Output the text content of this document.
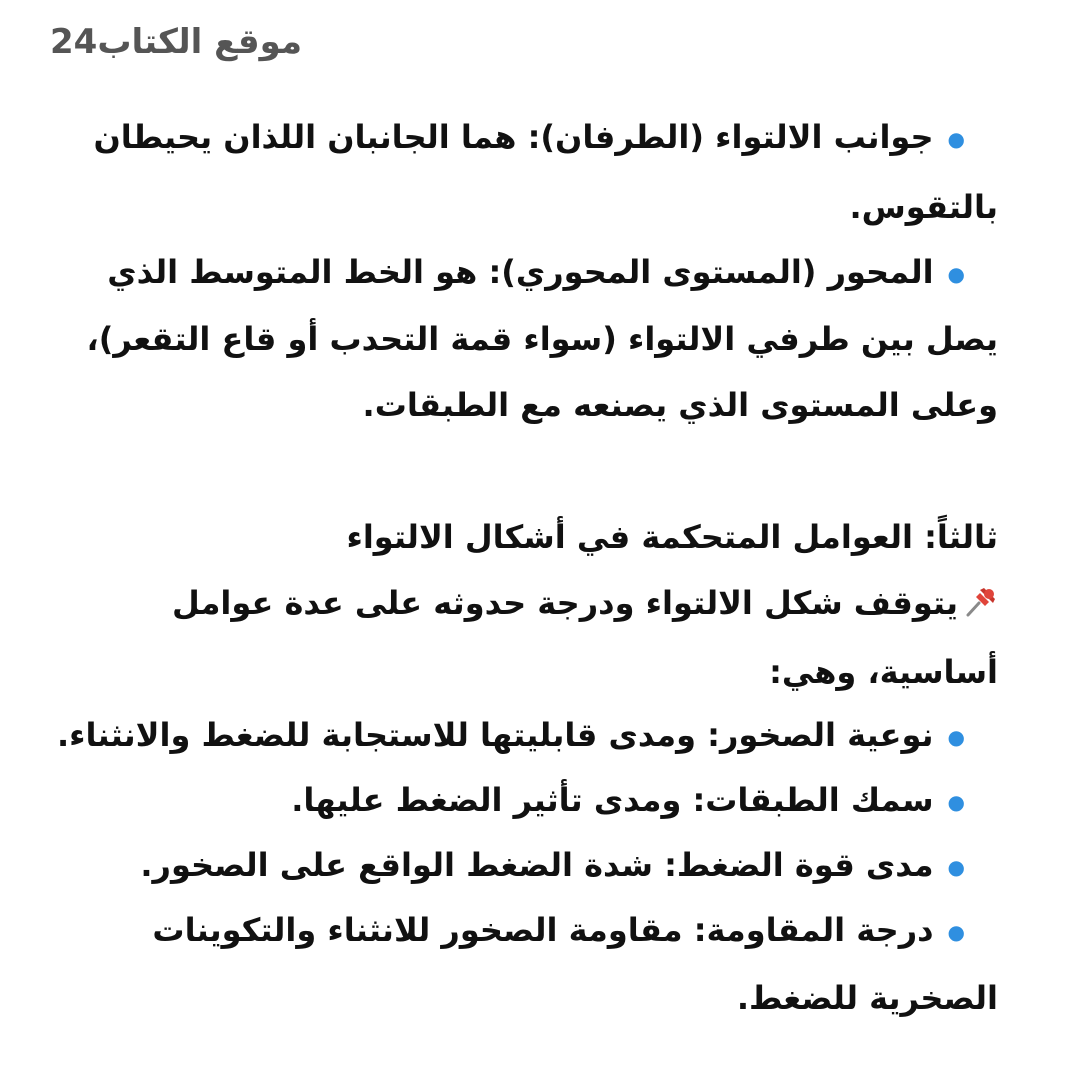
موقع الكتاب24
●جوانب الالتواء (الطرفان): هما الجانبان اللذان يحيطان
بالتقوس.
●المحور (المستوى المحوري): هو الخط المتوسط الذي
يصل بين طرفي الالتواء (سواء قمة التحدب أو قاع التقعر)،
وعلى المستوى الذي يصنعه مع الطبقات.
ثالثاً: العوامل المتحكمة في أشكال الالتواء
يتوقف شكل الالتواء ودرجة حدوثه على عدة عوامل
أساسية، وهي:
●نوعية الصخور: ومدى قابليتها للاستجابة للضغط والانثناء.
●سمك الطبقات: ومدى تأثير الضغط عليها.
●مدى قوة الضغط: شدة الضغط الواقع على الصخور.
●درجة المقاومة: مقاومة الصخور للانثناء والتكوينات
الصخرية للضغط.
